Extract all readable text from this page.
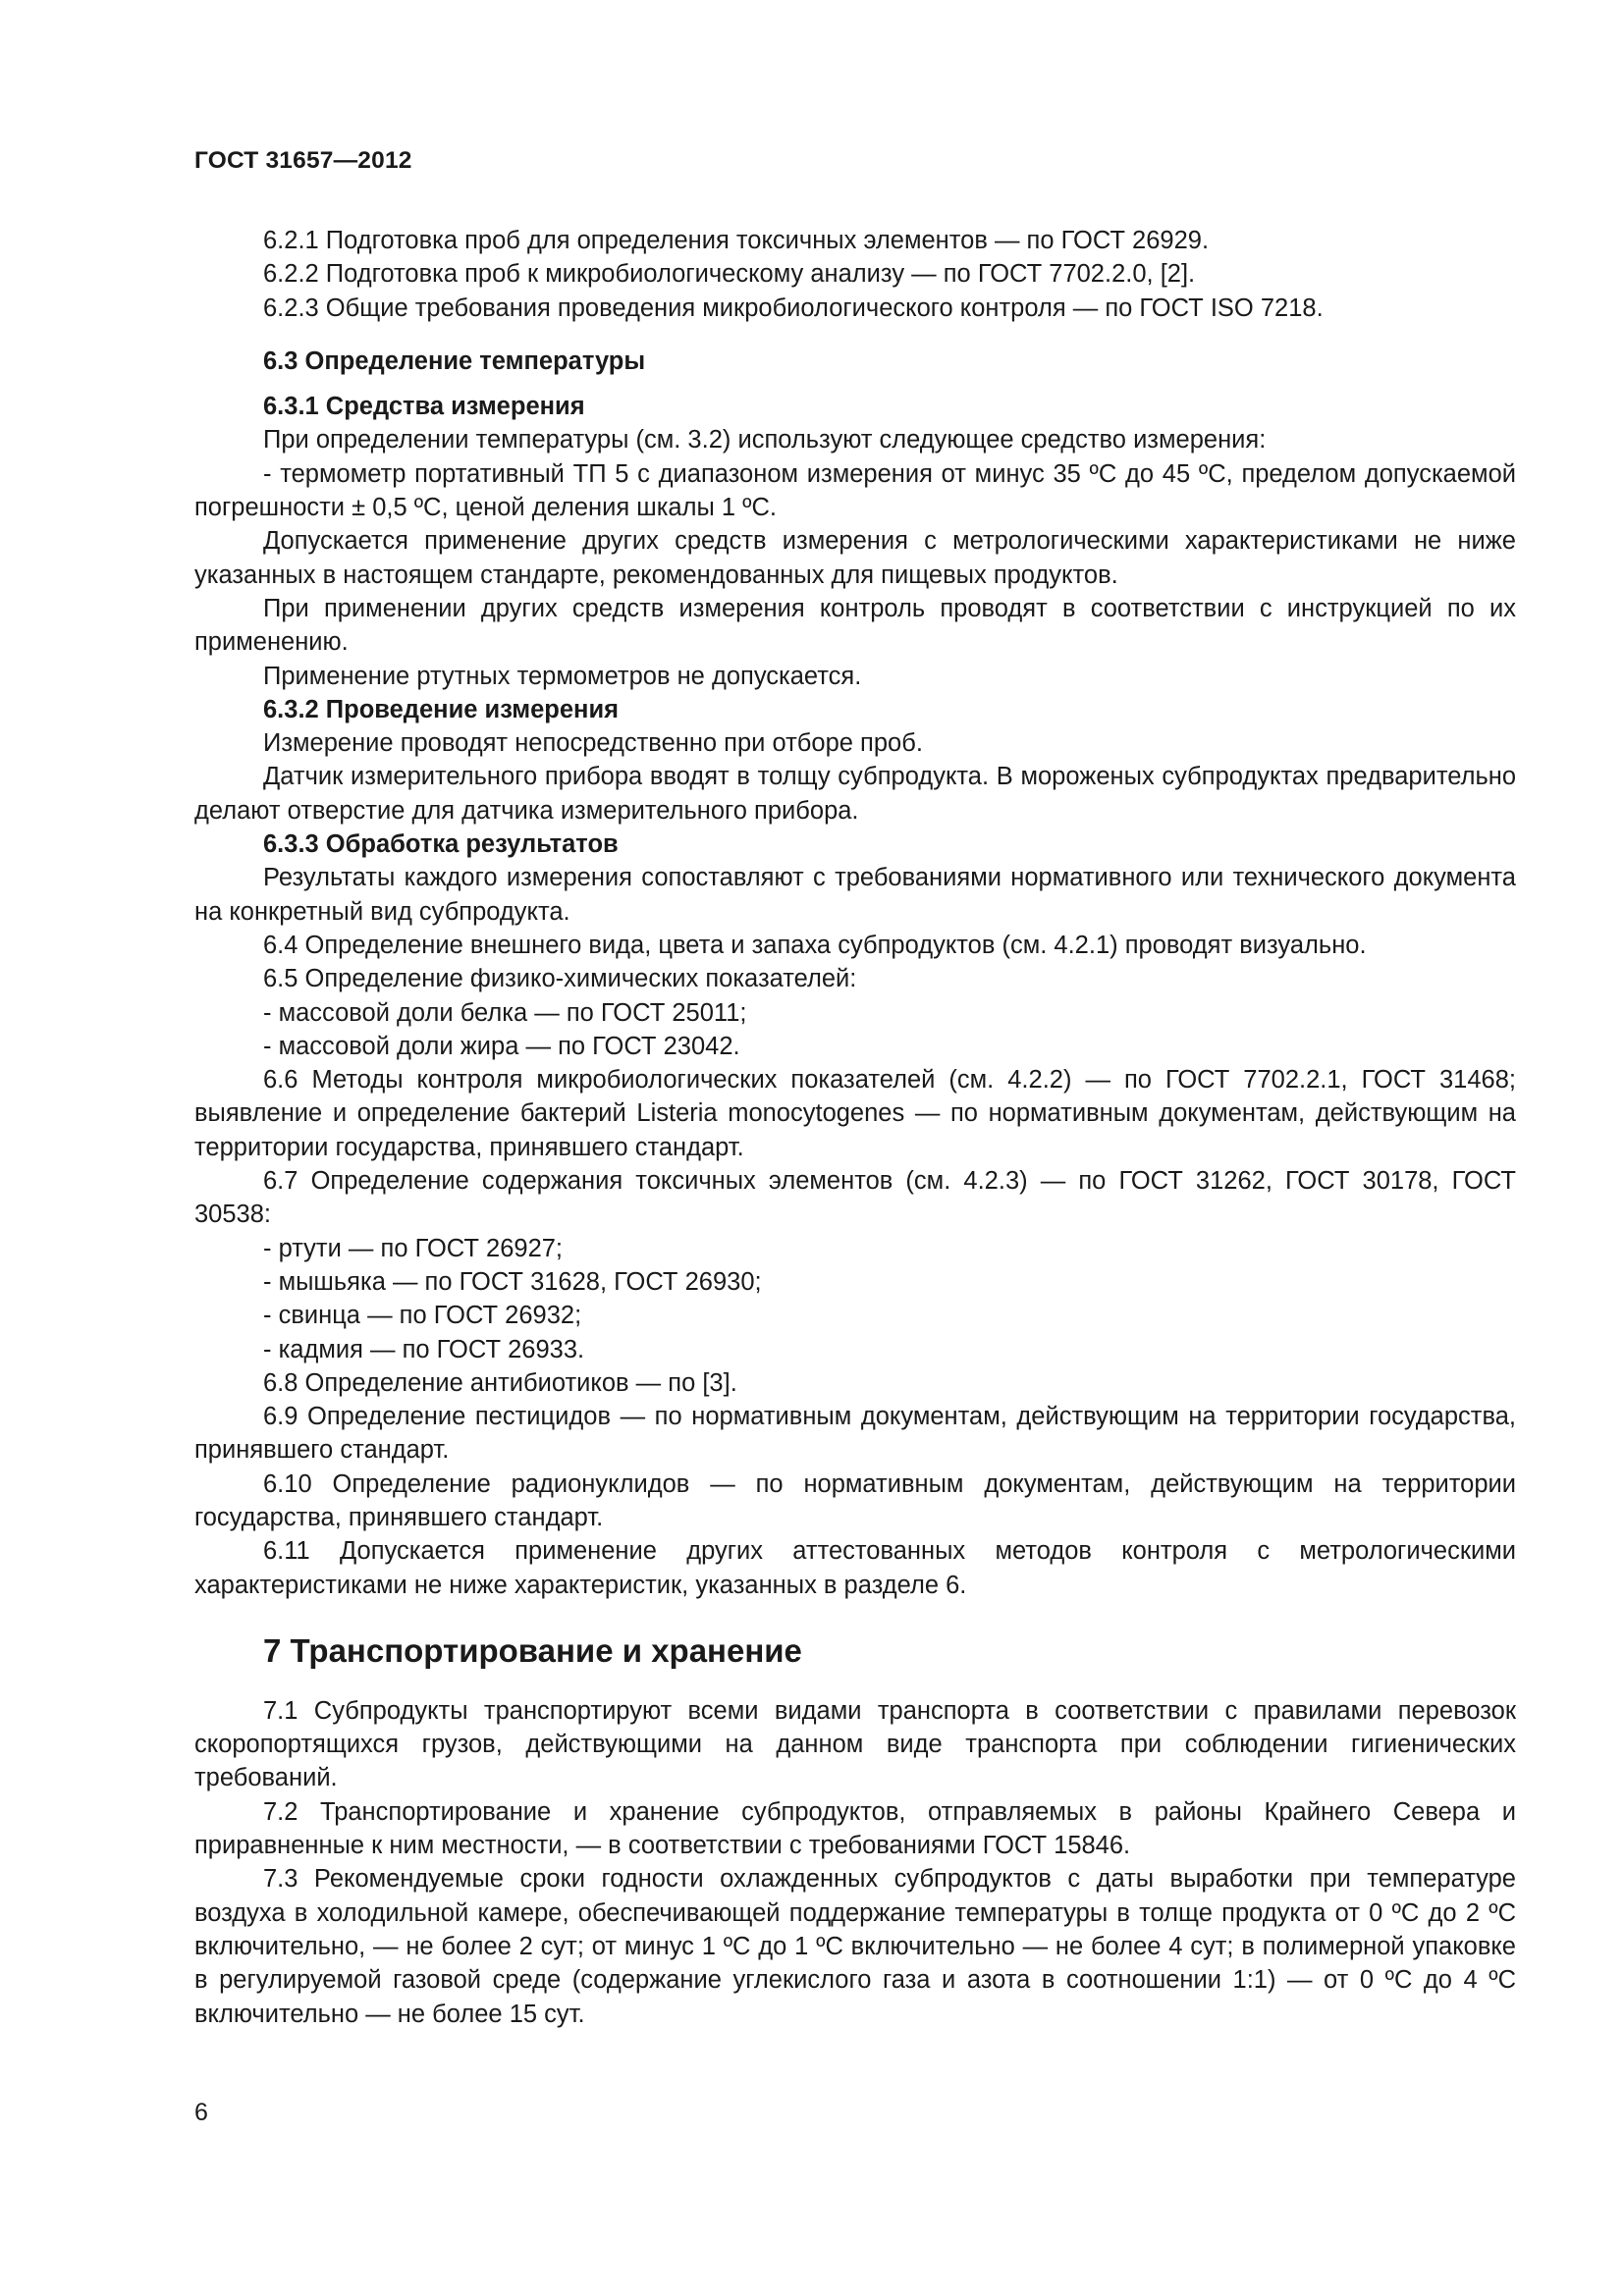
ГОСТ 31657—2012

6.2.1 Подготовка проб для определения токсичных элементов — по ГОСТ 26929.

6.2.2 Подготовка проб к микробиологическому анализу — по ГОСТ 7702.2.0, [2].

6.2.3 Общие требования проведения микробиологического контроля — по ГОСТ ISO 7218.

6.3 Определение температуры

6.3.1 Средства измерения

При определении температуры (см. 3.2) используют следующее средство измерения:

- термометр портативный ТП 5 с диапазоном измерения от минус 35 ºС до 45 ºС, пределом допускаемой погрешности ± 0,5 ºС, ценой деления шкалы 1 ºС.

Допускается применение других средств измерения с метрологическими характеристиками не ниже указанных в настоящем стандарте, рекомендованных для пищевых продуктов.

При применении других средств измерения контроль проводят в соответствии с инструкцией по их применению.

Применение ртутных термометров не допускается.

6.3.2 Проведение измерения

Измерение проводят непосредственно при отборе проб.

Датчик измерительного прибора вводят в толщу субпродукта. В мороженых субпродуктах предварительно делают отверстие для датчика измерительного прибора.

6.3.3 Обработка результатов

Результаты каждого измерения сопоставляют с требованиями нормативного или технического документа на конкретный вид субпродукта.

6.4 Определение внешнего вида, цвета и запаха субпродуктов (см. 4.2.1) проводят визуально.

6.5 Определение физико-химических показателей:

- массовой доли белка — по ГОСТ 25011;

- массовой доли жира — по ГОСТ 23042.

6.6 Методы контроля микробиологических показателей (см. 4.2.2) — по ГОСТ 7702.2.1, ГОСТ 31468; выявление и определение бактерий Listeria monocytogenes — по нормативным документам, действующим на территории государства, принявшего стандарт.

6.7 Определение содержания токсичных элементов (см. 4.2.3) — по ГОСТ 31262, ГОСТ 30178, ГОСТ 30538:

- ртути — по ГОСТ 26927;

- мышьяка — по ГОСТ 31628, ГОСТ 26930;

- свинца — по ГОСТ 26932;

- кадмия — по ГОСТ 26933.

6.8 Определение антибиотиков — по [3].

6.9 Определение пестицидов — по нормативным документам, действующим на территории государства, принявшего стандарт.

6.10 Определение радионуклидов — по нормативным документам, действующим на территории государства, принявшего стандарт.

6.11 Допускается применение других аттестованных методов контроля с метрологическими характеристиками не ниже характеристик, указанных в разделе 6.

7 Транспортирование и хранение

7.1 Субпродукты транспортируют всеми видами транспорта в соответствии с правилами перевозок скоропортящихся грузов, действующими на данном виде транспорта при соблюдении гигиенических требований.

7.2 Транспортирование и хранение субпродуктов, отправляемых в районы Крайнего Севера и приравненные к ним местности, — в соответствии с требованиями ГОСТ 15846.

7.3 Рекомендуемые сроки годности охлажденных субпродуктов с даты выработки при температуре воздуха в холодильной камере, обеспечивающей поддержание температуры в толще продукта от 0 ºС до 2 ºС включительно, — не более 2 сут; от минус 1 ºС до 1 ºС включительно — не более 4 сут; в полимерной упаковке в регулируемой газовой среде (содержание углекислого газа и азота в соотношении 1:1) — от 0 ºС до 4 ºС включительно — не более 15 сут.

6
